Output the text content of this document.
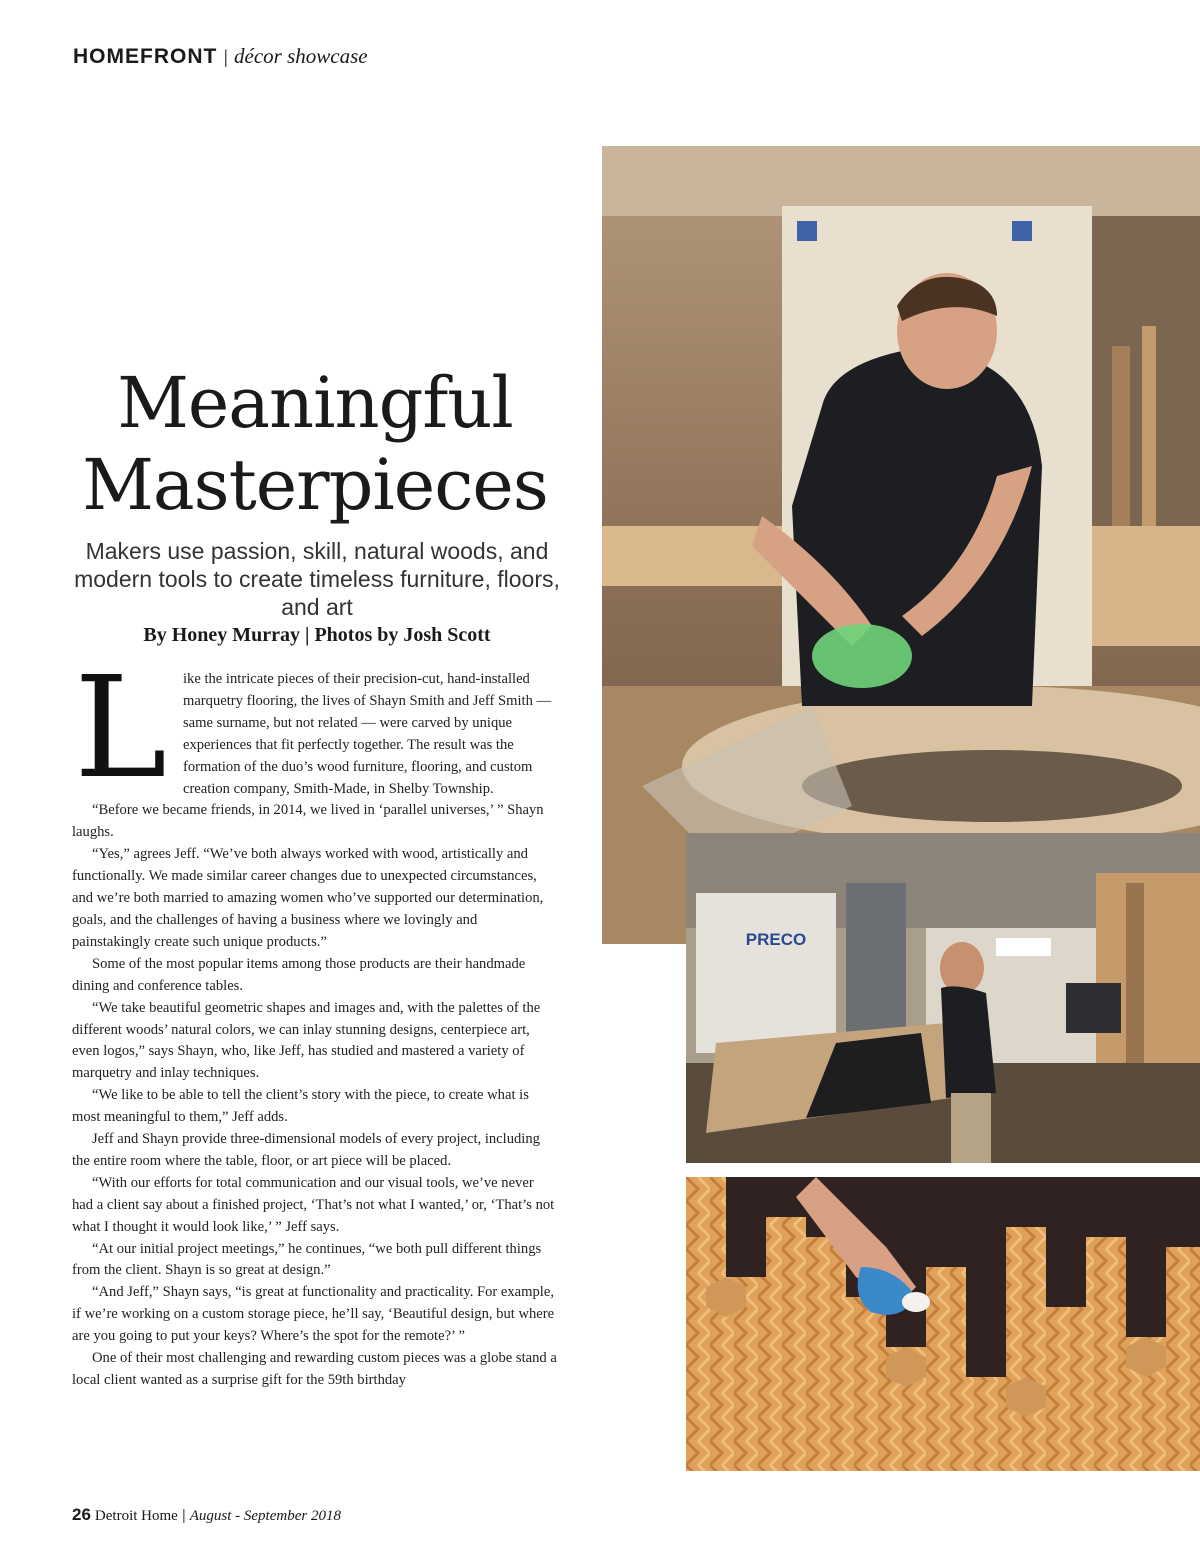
HOMEFRONT | décor showcase
Meaningful
Masterpieces
Makers use passion, skill, natural woods, and modern tools to create timeless furniture, floors, and art
By Honey Murray | Photos by Josh Scott

L ike the intricate pieces of their precision-cut, hand-installed marquetry flooring, the lives of Shayn Smith and Jeff Smith — same surname, but not related — were carved by unique experiences that fit perfectly together. The result was the formation of the duo’s wood furniture, flooring, and custom creation company, Smith-Made, in Shelby Township.

“Before we became friends, in 2014, we lived in ‘parallel universes,’ ” Shayn laughs.

“Yes,” agrees Jeff. “We’ve both always worked with wood, artistically and functionally. We made similar career changes due to unexpected circumstances, and we’re both married to amazing women who’ve supported our determination, goals, and the challenges of having a business where we lovingly and painstakingly create such unique products.”

Some of the most popular items among those products are their handmade dining and conference tables.

“We take beautiful geometric shapes and images and, with the palettes of the different woods’ natural colors, we can inlay stunning designs, centerpiece art, even logos,” says Shayn, who, like Jeff, has studied and mastered a variety of marquetry and inlay techniques.

“We like to be able to tell the client’s story with the piece, to create what is most meaningful to them,” Jeff adds.

Jeff and Shayn provide three-dimensional models of every project, including the entire room where the table, floor, or art piece will be placed.

“With our efforts for total communication and our visual tools, we’ve never had a client say about a finished project, ‘That’s not what I wanted,’ or, ‘That’s not what I thought it would look like,’ ” Jeff says.

“At our initial project meetings,” he continues, “we both pull different things from the client. Shayn is so great at design.”

“And Jeff,” Shayn says, “is great at functionality and practicality. For example, if we’re working on a custom storage piece, he’ll say, ‘Beautiful design, but where are you going to put your keys? Where’s the spot for the remote?’ ”

One of their most challenging and rewarding custom pieces was a globe stand a local client wanted as a surprise gift for the 59th birthday

PRECO
26 Detroit Home | August - September 2018
